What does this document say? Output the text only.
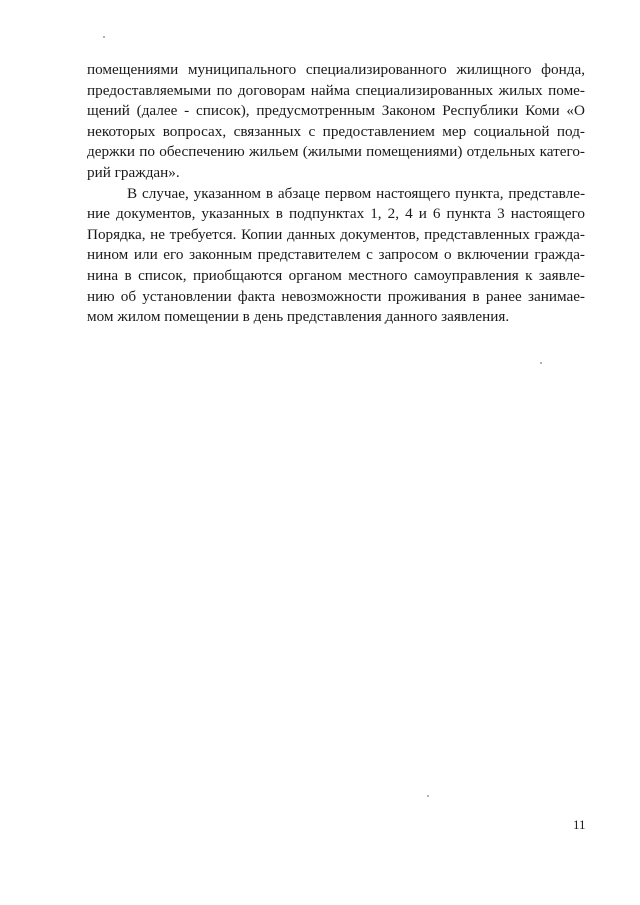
помещениями муниципального специализированного жилищного фонда,
предоставляемыми по договорам найма специализированных жилых поме-
щений (далее - список), предусмотренным Законом Республики Коми «О
некоторых вопросах, связанных с предоставлением мер социальной под-
держки по обеспечению жильем (жилыми помещениями) отдельных катего-
рий граждан».
В случае, указанном в абзаце первом настоящего пункта, представле-
ние документов, указанных в подпунктах 1, 2, 4 и 6 пункта 3 настоящего
Порядка, не требуется. Копии данных документов, представленных гражда-
нином или его законным представителем с запросом о включении гражда-
нина в список, приобщаются органом местного самоуправления к заявле-
нию об установлении факта невозможности проживания в ранее занимае-
мом жилом помещении в день представления данного заявления.
11
